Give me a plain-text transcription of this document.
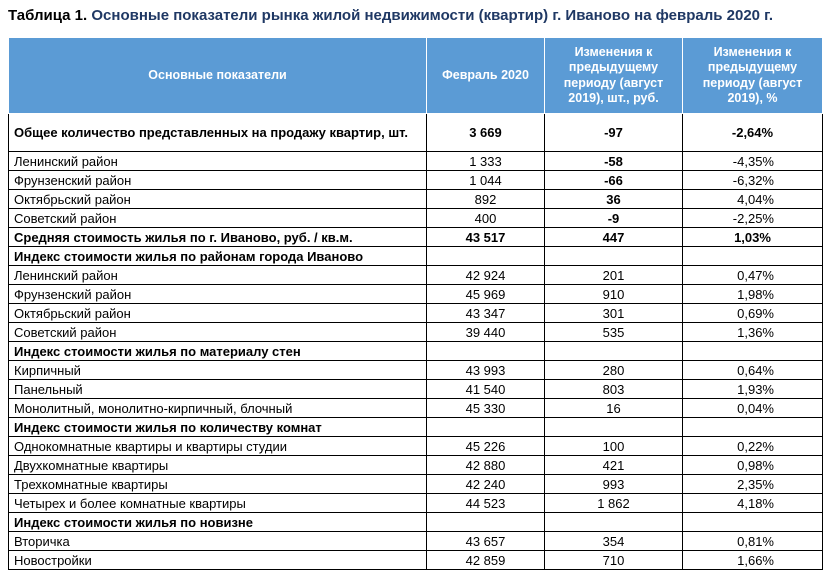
Таблица 1. Основные показатели рынка жилой недвижимости (квартир) г. Иваново на февраль 2020 г.
Основные показатели	Февраль 2020	Изменения к предыдущему периоду (август 2019), шт., руб.	Изменения к предыдущему периоду (август 2019), %
Общее количество представленных на продажу квартир, шт.	3 669	-97	-2,64%
Ленинский район	1 333	-58	-4,35%
Фрунзенский район	1 044	-66	-6,32%
Октябрьский район	892	36	4,04%
Советский район	400	-9	-2,25%
Средняя стоимость жилья по г. Иваново, руб. / кв.м.	43 517	447	1,03%
Индекс стоимости жилья по районам города Иваново			
Ленинский район	42 924	201	0,47%
Фрунзенский район	45 969	910	1,98%
Октябрьский район	43 347	301	0,69%
Советский район	39 440	535	1,36%
Индекс стоимости жилья по материалу стен			
Кирпичный	43 993	280	0,64%
Панельный	41 540	803	1,93%
Монолитный, монолитно-кирпичный, блочный	45 330	16	0,04%
Индекс стоимости жилья по количеству комнат			
Однокомнатные квартиры и квартиры студии	45 226	100	0,22%
Двухкомнатные квартиры	42 880	421	0,98%
Трехкомнатные квартиры	42 240	993	2,35%
Четырех и более комнатные квартиры	44 523	1 862	4,18%
Индекс стоимости жилья по новизне			
Вторичка	43 657	354	0,81%
Новостройки	42 859	710	1,66%
